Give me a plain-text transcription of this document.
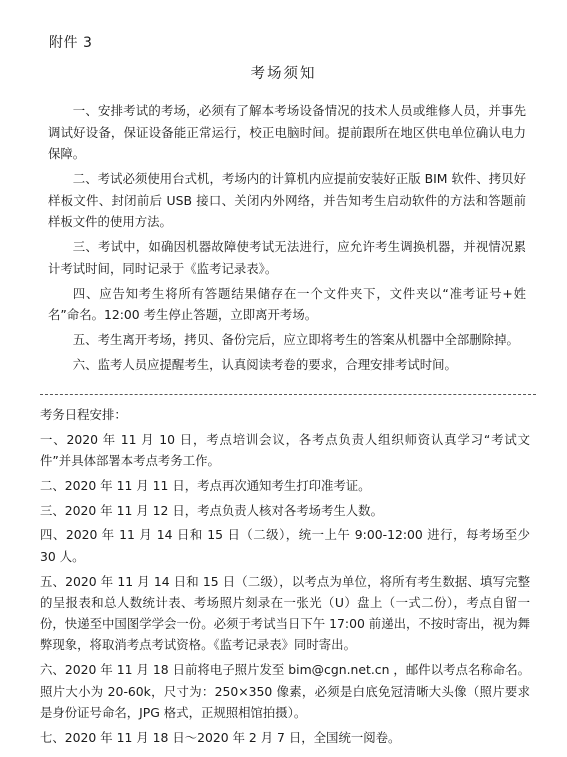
附件 3
考场须知

一、安排考试的考场，必须有了解本考场设备情况的技术人员或维修人员，并事先调试好设备，保证设备能正常运行，校正电脑时间。提前跟所在地区供电单位确认电力保障。

二、考试必须使用台式机，考场内的计算机内应提前安装好正版 BIM 软件、拷贝好样板文件、封闭前后 USB 接口、关闭内外网络，并告知考生启动软件的方法和答题前样板文件的使用方法。

三、考试中，如确因机器故障使考试无法进行，应允许考生调换机器，并视情况累计考试时间，同时记录于《监考记录表》。

四、应告知考生将所有答题结果储存在一个文件夹下，文件夹以“准考证号+姓名”命名。12:00 考生停止答题，立即离开考场。

五、考生离开考场，拷贝、备份完后，应立即将考生的答案从机器中全部删除掉。

六、监考人员应提醒考生，认真阅读考卷的要求，合理安排考试时间。

考务日程安排：

一、2020 年 11 月 10 日，考点培训会议，各考点负责人组织师资认真学习“考试文件”并具体部署本考点考务工作。

二、2020 年 11 月 11 日，考点再次通知考生打印准考证。

三、2020 年 11 月 12 日，考点负责人核对各考场考生人数。

四、2020 年 11 月 14 日和 15 日（二级），统一上午 9:00-12:00 进行，每考场至少 30 人。

五、2020 年 11 月 14 日和 15 日（二级），以考点为单位，将所有考生数据、填写完整的呈报表和总人数统计表、考场照片刻录在一张光（U）盘上（一式二份），考点自留一份，快递至中国图学学会一份。必须于考试当日下午 17:00 前递出，不按时寄出，视为舞弊现象，将取消考点考试资格。《监考记录表》同时寄出。

六、2020 年 11 月 18 日前将电子照片发至 bim@cgn.net.cn ，邮件以考点名称命名。照片大小为 20-60k，尺寸为：250×350 像素，必须是白底免冠清晰大头像（照片要求是身份证号命名，JPG 格式，正规照相馆拍摄）。

七、2020 年 11 月 18 日～2020 年 2 月 7 日，全国统一阅卷。
